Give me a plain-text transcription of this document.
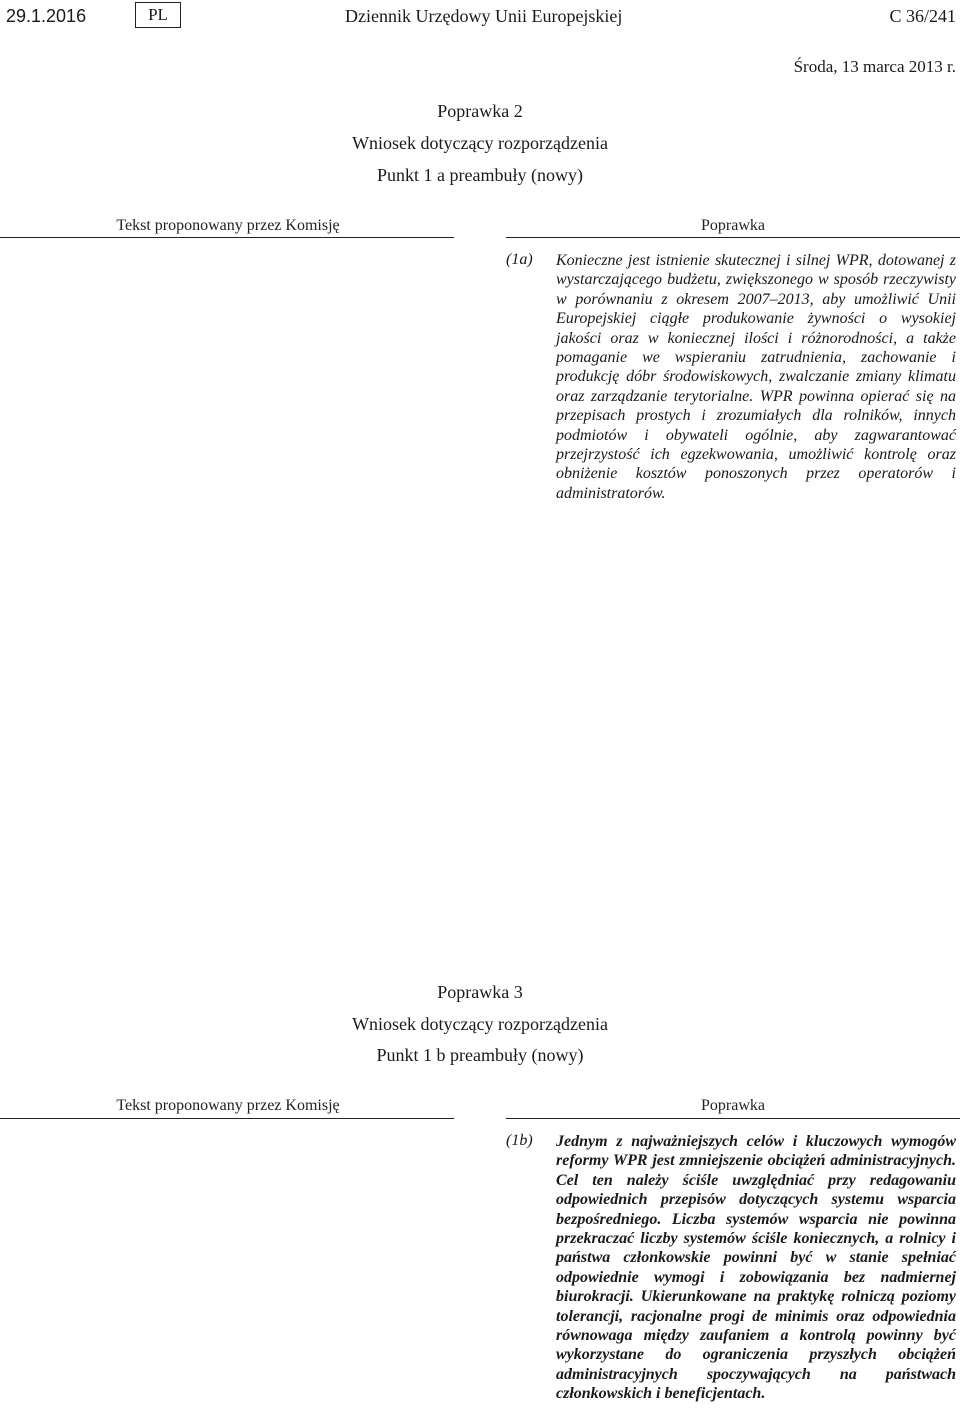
29.1.2016	PL	Dziennik Urzędowy Unii Europejskiej	C 36/241
Środa, 13 marca 2013 r.
Poprawka 2
Wniosek dotyczący rozporządzenia
Punkt 1 a preambuły (nowy)
Tekst proponowany przez Komisję	Poprawka
(1a) Konieczne jest istnienie skutecznej i silnej WPR, dotowanej z wystarczającego budżetu, zwiększonego w sposób rzeczywisty w porównaniu z okresem 2007–2013, aby umożliwić Unii Europejskiej ciągłe produkowanie żywności o wysokiej jakości oraz w koniecznej ilości i różnorodności, a także pomaganie we wspieraniu zatrudnienia, zachowanie i produkcję dóbr środowiskowych, zwalczanie zmiany klimatu oraz zarządzanie terytorialne. WPR powinna opierać się na przepisach prostych i zrozumiałych dla rolników, innych podmiotów i obywateli ogólnie, aby zagwarantować przejrzystość ich egzekwowania, umożliwić kontrolę oraz obniżenie kosztów ponoszonych przez operatorów i administratorów.
Poprawka 3
Wniosek dotyczący rozporządzenia
Punkt 1 b preambuły (nowy)
Tekst proponowany przez Komisję	Poprawka
(1b) Jednym z najważniejszych celów i kluczowych wymogów reformy WPR jest zmniejszenie obciążeń administracyjnych. Cel ten należy ściśle uwzględniać przy redagowaniu odpowiednich przepisów dotyczących systemu wsparcia bezpośredniego. Liczba systemów wsparcia nie powinna przekraczać liczby systemów ściśle koniecznych, a rolnicy i państwa członkowskie powinni być w stanie spełniać odpowiednie wymogi i zobowiązania bez nadmiernej biurokracji. Ukierunkowane na praktykę rolniczą poziomy tolerancji, racjonalne progi de minimis oraz odpowiednia równowaga między zaufaniem a kontrolą powinny być wykorzystane do ograniczenia przyszłych obciążeń administracyjnych spoczywających na państwach członkowskich i beneficjentach.
